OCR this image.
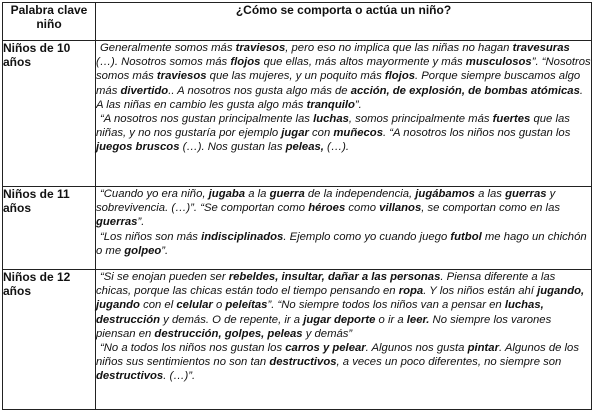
Palabra clave niño	¿Cómo se comporta o actúa un niño?
Niños de 10 años	Generalmente somos más traviesos, pero eso no implica que las niñas no hagan travesuras (…). Nosotros somos más flojos que ellas, más altos mayormente y más musculosos”. “Nosotros somos más traviesos que las mujeres, y un poquito más flojos. Porque siempre buscamos algo más divertido.. A nosotros nos gusta algo más de acción, de explosión, de bombas atómicas. A las niñas en cambio les gusta algo más tranquilo”.

“A nosotros nos gustan principalmente las luchas, somos principalmente más fuertes que las niñas, y no nos gustaría por ejemplo jugar con muñecos. “A nosotros los niños nos gustan los juegos bruscos (…). Nos gustan las peleas, (…).

Niños de 11 años	“Cuando yo era niño, jugaba a la guerra de la independencia, jugábamos a las guerras y sobrevivencia. (…)”. “Se comportan como héroes como villanos, se comportan como en las guerras”.

“Los niños son más indisciplinados. Ejemplo como yo cuando juego futbol me hago un chichón o me golpeo”.

Niños de 12 años	“Si se enojan pueden ser rebeldes, insultar, dañar a las personas. Piensa diferente a las chicas, porque las chicas están todo el tiempo pensando en ropa. Y los niños están ahí jugando, jugando con el celular o peleítas”. “No siempre todos los niños van a pensar en luchas, destrucción y demás. O de repente, ir a jugar deporte o ir a leer. No siempre los varones piensan en destrucción, golpes, peleas y demás”

“No a todos los niños nos gustan los carros y pelear. Algunos nos gusta pintar. Algunos de los niños sus sentimientos no son tan destructivos, a veces un poco diferentes, no siempre son destructivos. (…)”.
